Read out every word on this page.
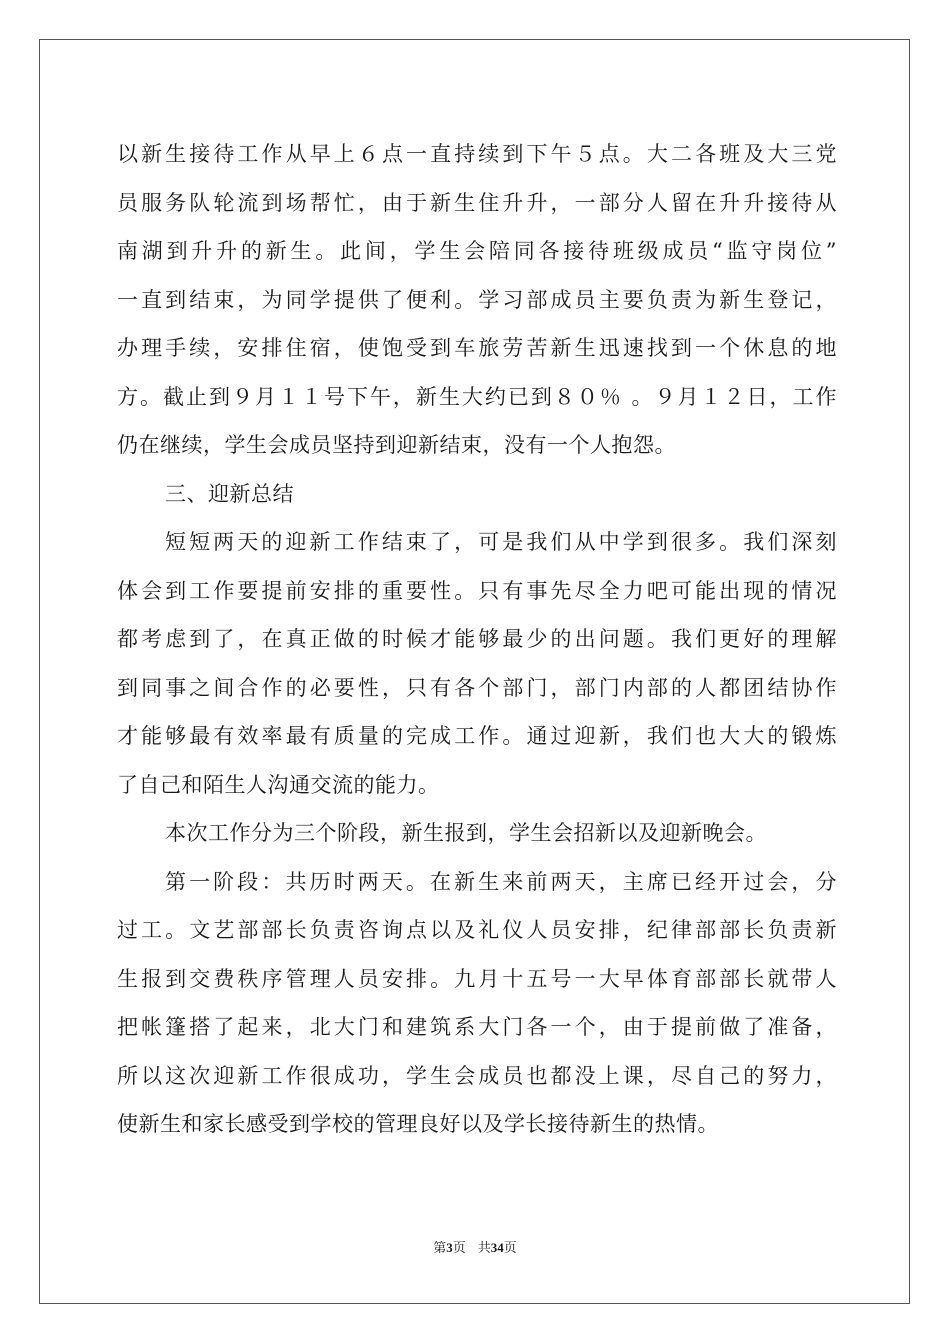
以新生接待工作从早上６点一直持续到下午５点。大二各班及大三党
员服务队轮流到场帮忙，由于新生住升升，一部分人留在升升接待从
南湖到升升的新生。此间，学生会陪同各接待班级成员“监守岗位”
一直到结束，为同学提供了便利。学习部成员主要负责为新生登记，
办理手续，安排住宿，使饱受到车旅劳苦新生迅速找到一个休息的地
方。截止到９月１１号下午，新生大约已到８０％ 。９月１２日，工作
仍在继续，学生会成员坚持到迎新结束，没有一个人抱怨。
三、迎新总结
短短两天的迎新工作结束了，可是我们从中学到很多。我们深刻
体会到工作要提前安排的重要性。只有事先尽全力吧可能出现的情况
都考虑到了，在真正做的时候才能够最少的出问题。我们更好的理解
到同事之间合作的必要性，只有各个部门，部门内部的人都团结协作
才能够最有效率最有质量的完成工作。通过迎新，我们也大大的锻炼
了自己和陌生人沟通交流的能力。
本次工作分为三个阶段，新生报到，学生会招新以及迎新晚会。
第一阶段：共历时两天。在新生来前两天，主席已经开过会，分
过工。文艺部部长负责咨询点以及礼仪人员安排，纪律部部长负责新
生报到交费秩序管理人员安排。九月十五号一大早体育部部长就带人
把帐篷搭了起来，北大门和建筑系大门各一个，由于提前做了准备，
所以这次迎新工作很成功，学生会成员也都没上课，尽自己的努力，
使新生和家长感受到学校的管理良好以及学长接待新生的热情。
第3页 共34页
